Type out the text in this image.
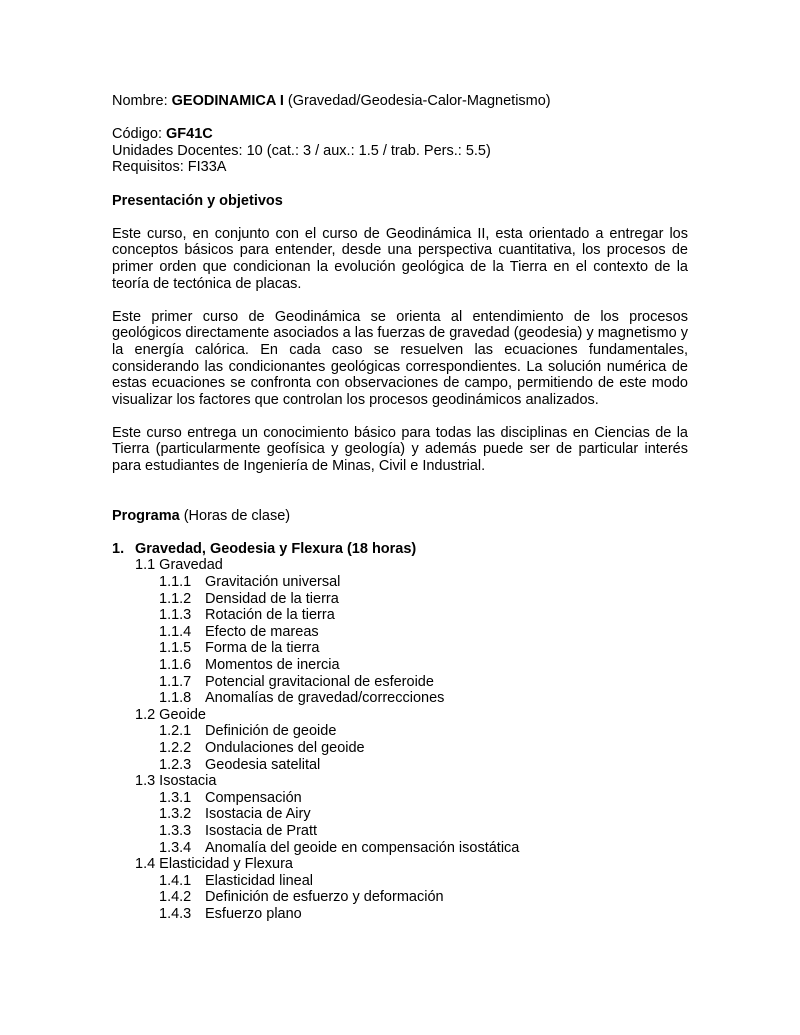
Nombre: GEODINAMICA I (Gravedad/Geodesia-Calor-Magnetismo)

Código: GF41C

Unidades Docentes: 10 (cat.: 3 / aux.: 1.5 / trab. Pers.: 5.5)

Requisitos: FI33A

Presentación y objetivos

Este curso, en conjunto con el curso de Geodinámica II, esta orientado a entregar los conceptos básicos para entender, desde una perspectiva cuantitativa, los procesos de primer orden que condicionan la evolución geológica de la Tierra en el contexto de la teoría de tectónica de placas.

Este primer curso de Geodinámica se orienta al entendimiento de los procesos geológicos directamente asociados a las fuerzas de gravedad (geodesia) y magnetismo y la energía calórica. En cada caso se resuelven las ecuaciones fundamentales, considerando las condicionantes geológicas correspondientes. La solución numérica de estas ecuaciones se confronta con observaciones de campo, permitiendo de este modo visualizar los factores que controlan los procesos geodinámicos analizados.

Este curso entrega un conocimiento básico para todas las disciplinas en Ciencias de la Tierra (particularmente geofísica y geología) y además puede ser de particular interés para estudiantes de Ingeniería de Minas, Civil e Industrial.

Programa (Horas de clase)

1. Gravedad, Geodesia y Flexura (18 horas)

1.1 Gravedad
1.1.1 Gravitación universal
1.1.2 Densidad de la tierra
1.1.3 Rotación de la tierra
1.1.4 Efecto de mareas
1.1.5 Forma de la tierra
1.1.6 Momentos de inercia
1.1.7 Potencial gravitacional de esferoide
1.1.8 Anomalías de gravedad/correcciones
1.2 Geoide
1.2.1 Definición de geoide
1.2.2 Ondulaciones del geoide
1.2.3 Geodesia satelital
1.3 Isostacia
1.3.1 Compensación
1.3.2 Isostacia de Airy
1.3.3 Isostacia de Pratt
1.3.4 Anomalía del geoide en compensación isostática
1.4 Elasticidad y Flexura
1.4.1 Elasticidad lineal
1.4.2 Definición de esfuerzo y deformación
1.4.3 Esfuerzo plano
